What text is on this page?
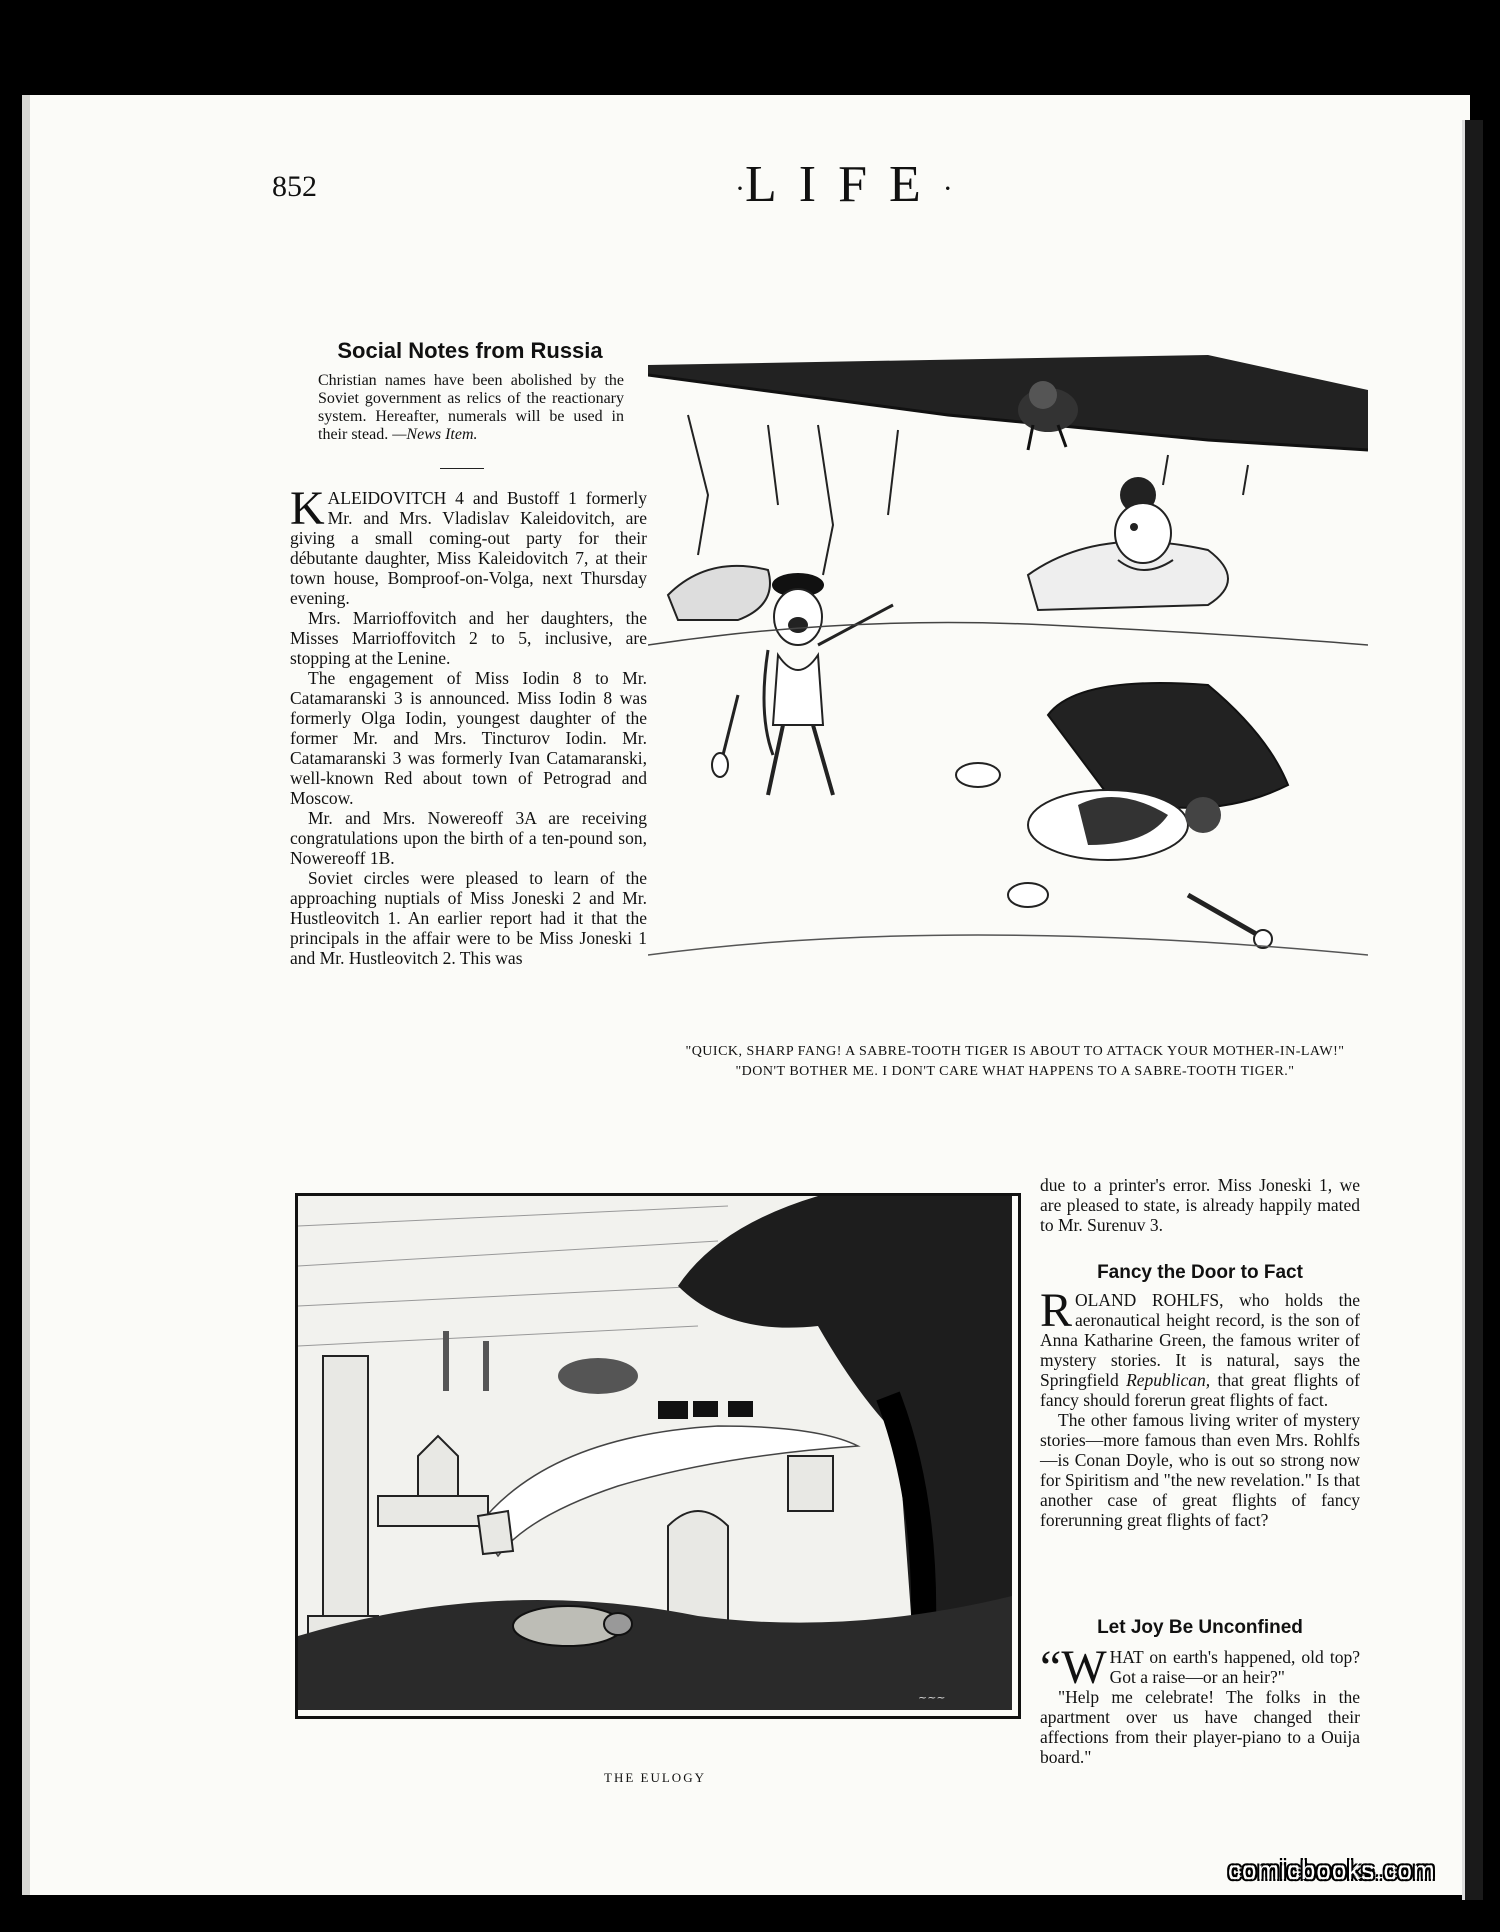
852	·LIFE·
Social Notes from Russia
Christian names have been abolished by the Soviet government as relics of the reactionary system. Hereafter, numerals will be used in their stead. —News Item.

KALEIDOVITCH 4 and Bustoff 1 formerly Mr. and Mrs. Vladislav Kaleidovitch, are giving a small coming-out party for their débutante daughter, Miss Kaleidovitch 7, at their town house, Bomproof-on-Volga, next Thursday evening.

Mrs. Marrioffovitch and her daughters, the Misses Marrioffovitch 2 to 5, inclusive, are stopping at the Lenine.

The engagement of Miss Iodin 8 to Mr. Catamaranski 3 is announced. Miss Iodin 8 was formerly Olga Iodin, youngest daughter of the former Mr. and Mrs. Tincturov Iodin. Mr. Catamaranski 3 was formerly Ivan Catamaranski, well-known Red about town of Petrograd and Moscow.

Mr. and Mrs. Nowereoff 3A are receiving congratulations upon the birth of a ten-pound son, Nowereoff 1B.

Soviet circles were pleased to learn of the approaching nuptials of Miss Joneski 2 and Mr. Hustleovitch 1. An earlier report had it that the principals in the affair were to be Miss Joneski 1 and Mr. Hustleovitch 2. This was

"QUICK, SHARP FANG! A SABRE-TOOTH TIGER IS ABOUT TO ATTACK YOUR MOTHER-IN-LAW!"
"DON'T BOTHER ME. I DON'T CARE WHAT HAPPENS TO A SABRE-TOOTH TIGER."
~~~
THE EULOGY

due to a printer's error. Miss Joneski 1, we are pleased to state, is already happily mated to Mr. Surenuv 3.

Fancy the Door to Fact

ROLAND ROHLFS, who holds the aeronautical height record, is the son of Anna Katharine Green, the famous writer of mystery stories. It is natural, says the Springfield Republican, that great flights of fancy should forerun great flights of fact.

The other famous living writer of mystery stories—more famous than even Mrs. Rohlfs—is Conan Doyle, who is out so strong now for Spiritism and "the new revelation." Is that another case of great flights of fancy forerunning great flights of fact?

Let Joy Be Unconfined

“W HAT on earth's happened, old top? Got a raise—or an heir?"

"Help me celebrate! The folks in the apartment over us have changed their affections from their player-piano to a Ouija board."

comicbooks.com
